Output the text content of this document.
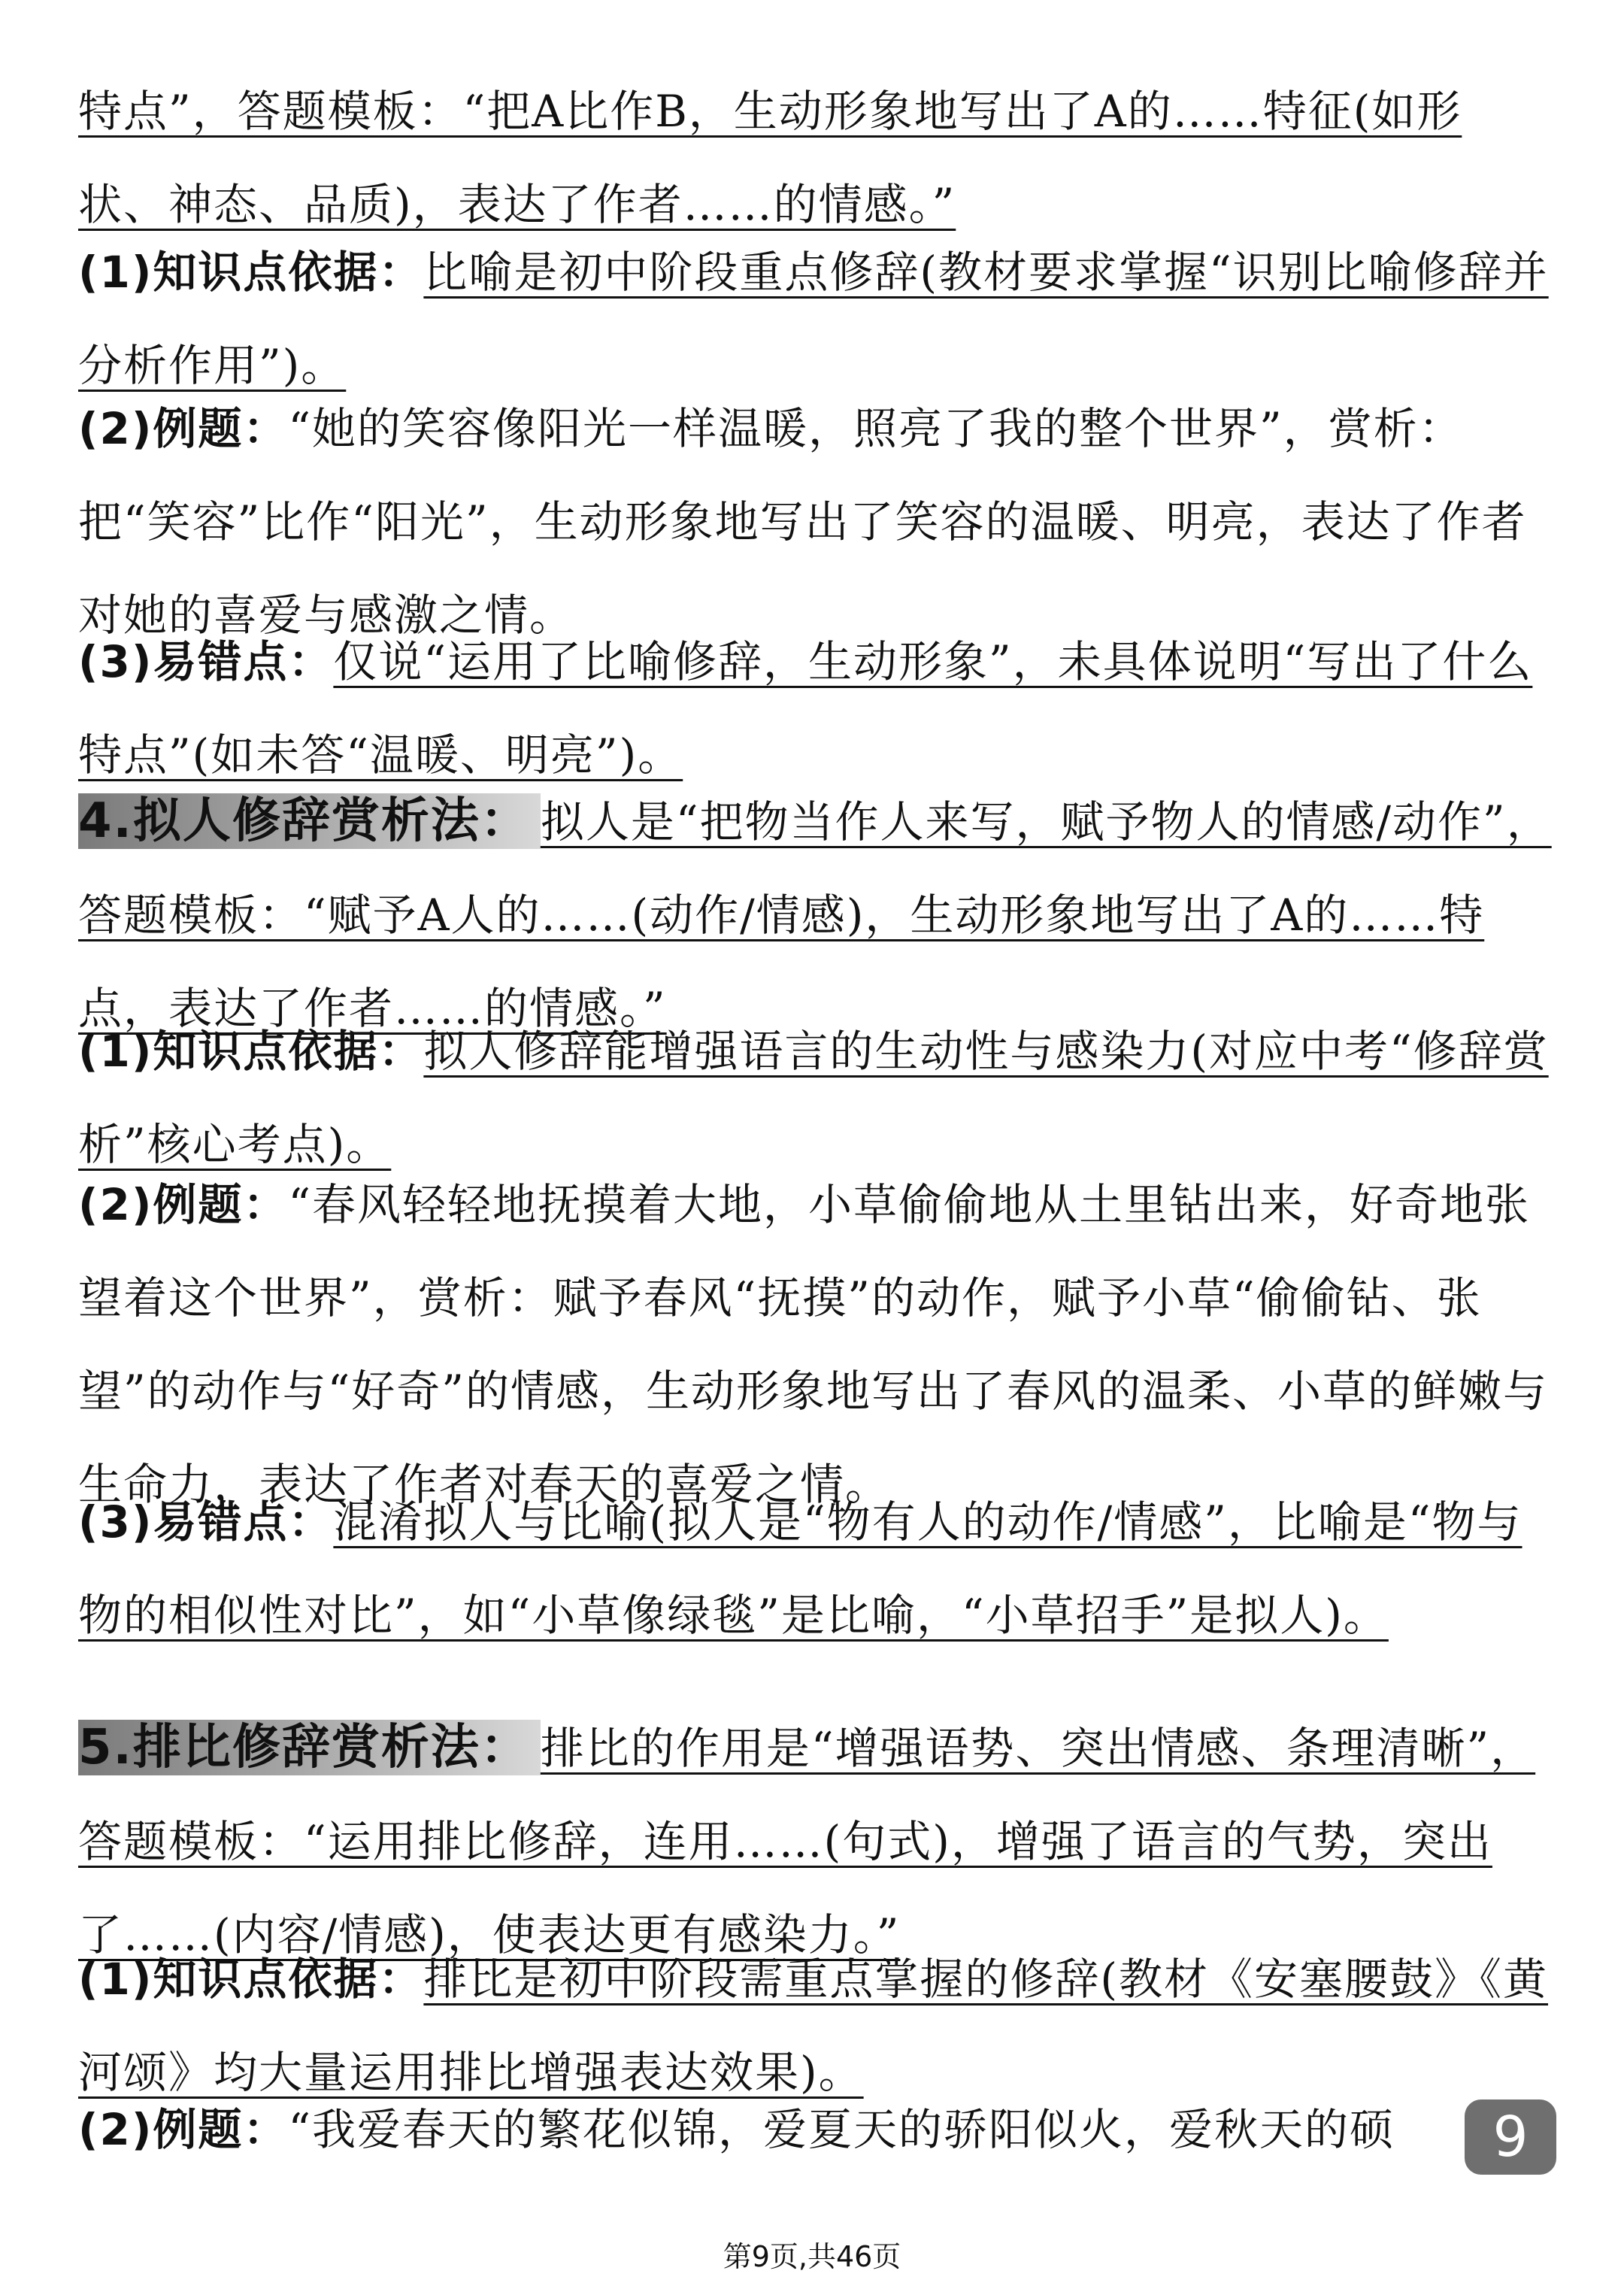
特点”，答题模板：“把A比作B，生动形象地写出了A的……特征(如形状、神态、品质)，表达了作者……的情感。”
(1)知识点依据：比喻是初中阶段重点修辞(教材要求掌握“识别比喻修辞并分析作用”)。
(2)例题：“她的笑容像阳光一样温暖，照亮了我的整个世界”，赏析：把“笑容”比作“阳光”，生动形象地写出了笑容的温暖、明亮，表达了作者对她的喜爱与感激之情。
(3)易错点：仅说“运用了比喻修辞，生动形象”，未具体说明“写出了什么特点”(如未答“温暖、明亮”)。
4.拟人修辞赏析法： 拟人是“把物当作人来写，赋予物人的情感/动作”，答题模板：“赋予A人的……(动作/情感)，生动形象地写出了A的……特点，表达了作者……的情感。”
(1)知识点依据：拟人修辞能增强语言的生动性与感染力(对应中考“修辞赏析”核心考点)。
(2)例题：“春风轻轻地抚摸着大地，小草偷偷地从土里钻出来，好奇地张望着这个世界”，赏析：赋予春风“抚摸”的动作，赋予小草“偷偷钻、张望”的动作与“好奇”的情感，生动形象地写出了春风的温柔、小草的鲜嫩与生命力，表达了作者对春天的喜爱之情。
(3)易错点：混淆拟人与比喻(拟人是“物有人的动作/情感”，比喻是“物与物的相似性对比”，如“小草像绿毯”是比喻，“小草招手”是拟人)。
5.排比修辞赏析法： 排比的作用是“增强语势、突出情感、条理清晰”，答题模板：“运用排比修辞，连用……(句式)，增强了语言的气势，突出了……(内容/情感)，使表达更有感染力。”
(1)知识点依据：排比是初中阶段需重点掌握的修辞(教材《安塞腰鼓》《黄河颂》均大量运用排比增强表达效果)。
(2)例题：“我爱春天的繁花似锦，爱夏天的骄阳似火，爱秋天的硕	9
第9页,共46页
